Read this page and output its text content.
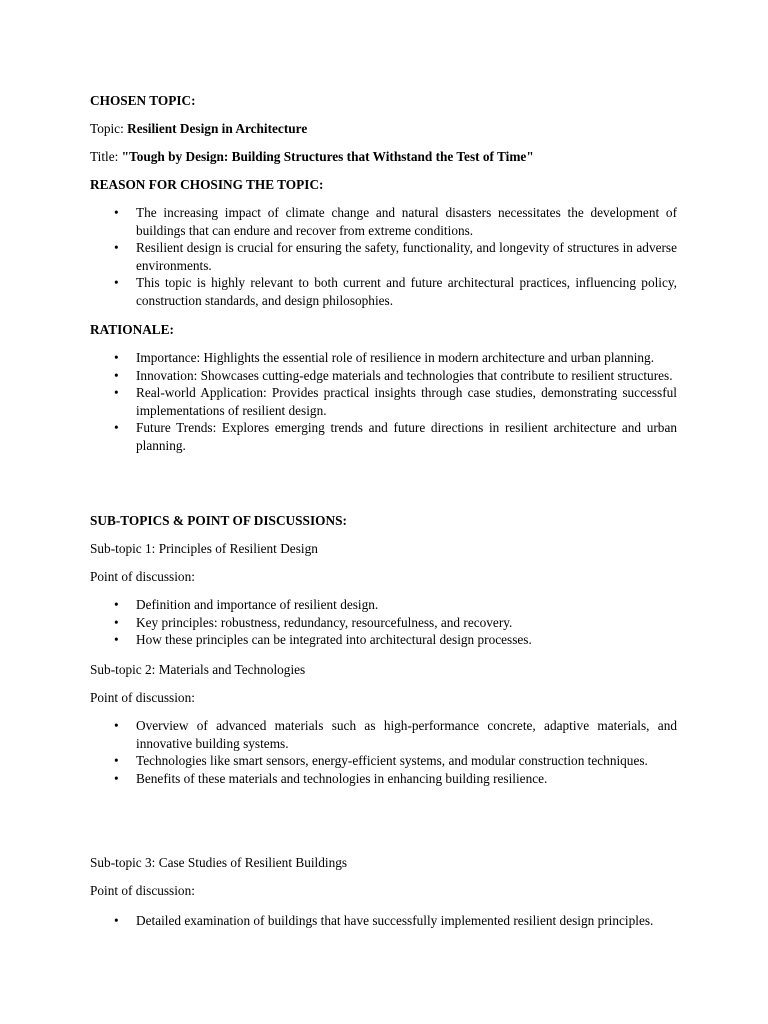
CHOSEN TOPIC:
Topic: Resilient Design in Architecture
Title: "Tough by Design: Building Structures that Withstand the Test of Time"
REASON FOR CHOSING THE TOPIC:
• The increasing impact of climate change and natural disasters necessitates the development of buildings that can endure and recover from extreme conditions.
• Resilient design is crucial for ensuring the safety, functionality, and longevity of structures in adverse environments.
• This topic is highly relevant to both current and future architectural practices, influencing policy, construction standards, and design philosophies.
RATIONALE:
• Importance: Highlights the essential role of resilience in modern architecture and urban planning.
• Innovation: Showcases cutting-edge materials and technologies that contribute to resilient structures.
• Real-world Application: Provides practical insights through case studies, demonstrating successful implementations of resilient design.
• Future Trends: Explores emerging trends and future directions in resilient architecture and urban planning.
SUB-TOPICS & POINT OF DISCUSSIONS:
Sub-topic 1: Principles of Resilient Design
Point of discussion:
• Definition and importance of resilient design.
• Key principles: robustness, redundancy, resourcefulness, and recovery.
• How these principles can be integrated into architectural design processes.
Sub-topic 2: Materials and Technologies
Point of discussion:
• Overview of advanced materials such as high-performance concrete, adaptive materials, and innovative building systems.
• Technologies like smart sensors, energy-efficient systems, and modular construction techniques.
• Benefits of these materials and technologies in enhancing building resilience.
Sub-topic 3: Case Studies of Resilient Buildings
Point of discussion:
• Detailed examination of buildings that have successfully implemented resilient design principles.
